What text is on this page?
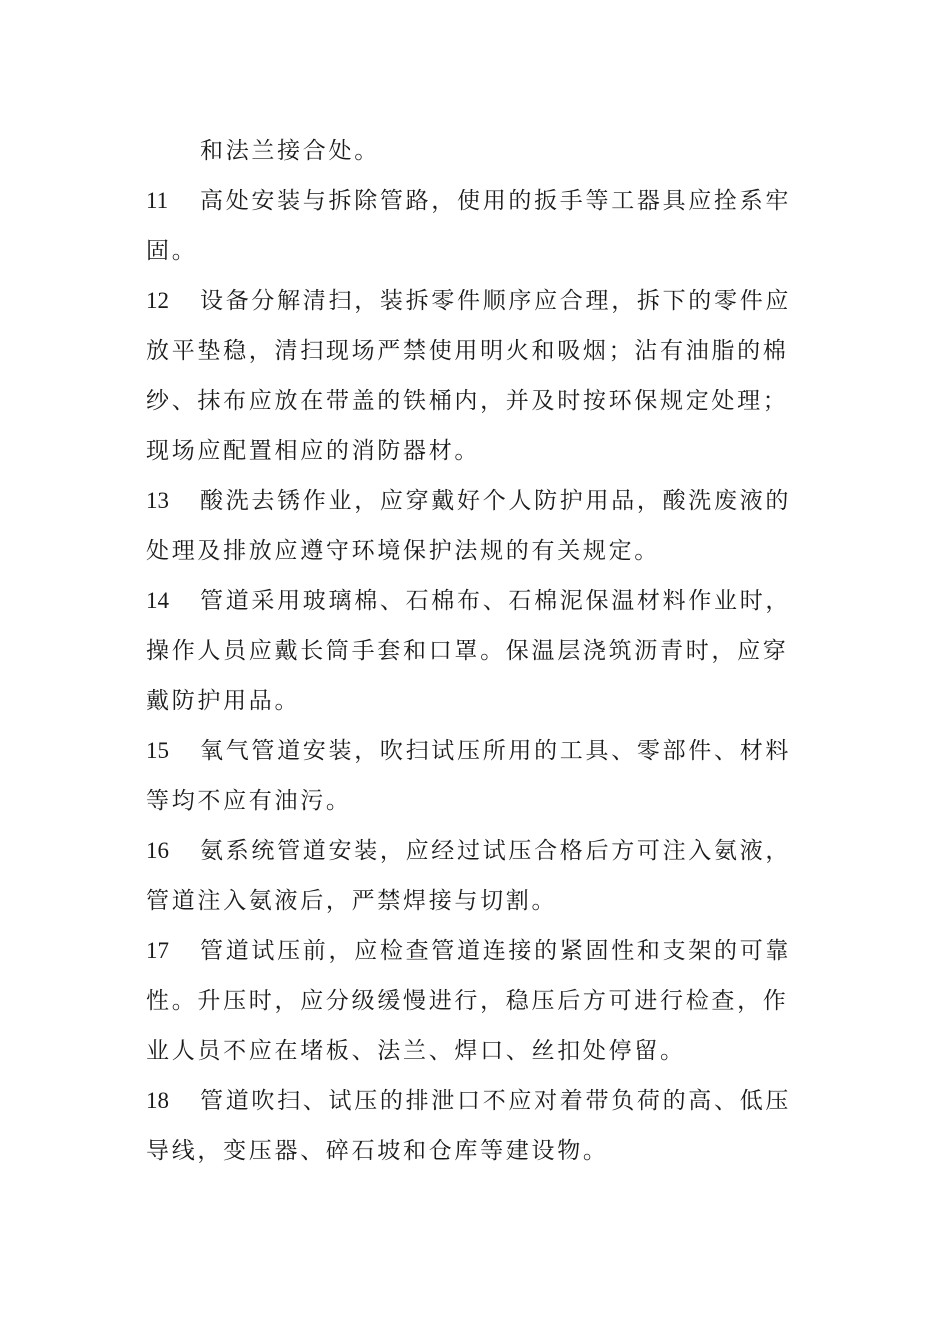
和法兰接合处。

11 高处安装与拆除管路，使用的扳手等工器具应拴系牢

固。

12 设备分解清扫，装拆零件顺序应合理，拆下的零件应

放平垫稳，清扫现场严禁使用明火和吸烟；沾有油脂的棉

纱、抹布应放在带盖的铁桶内，并及时按环保规定处理；

现场应配置相应的消防器材。

13 酸洗去锈作业，应穿戴好个人防护用品，酸洗废液的

处理及排放应遵守环境保护法规的有关规定。

14 管道采用玻璃棉、石棉布、石棉泥保温材料作业时，

操作人员应戴长筒手套和口罩。保温层浇筑沥青时，应穿

戴防护用品。

15 氧气管道安装，吹扫试压所用的工具、零部件、材料

等均不应有油污。

16 氨系统管道安装，应经过试压合格后方可注入氨液，

管道注入氨液后，严禁焊接与切割。

17 管道试压前，应检查管道连接的紧固性和支架的可靠

性。升压时，应分级缓慢进行，稳压后方可进行检查，作

业人员不应在堵板、法兰、焊口、丝扣处停留。

18 管道吹扫、试压的排泄口不应对着带负荷的高、低压

导线，变压器、碎石坡和仓库等建设物。
